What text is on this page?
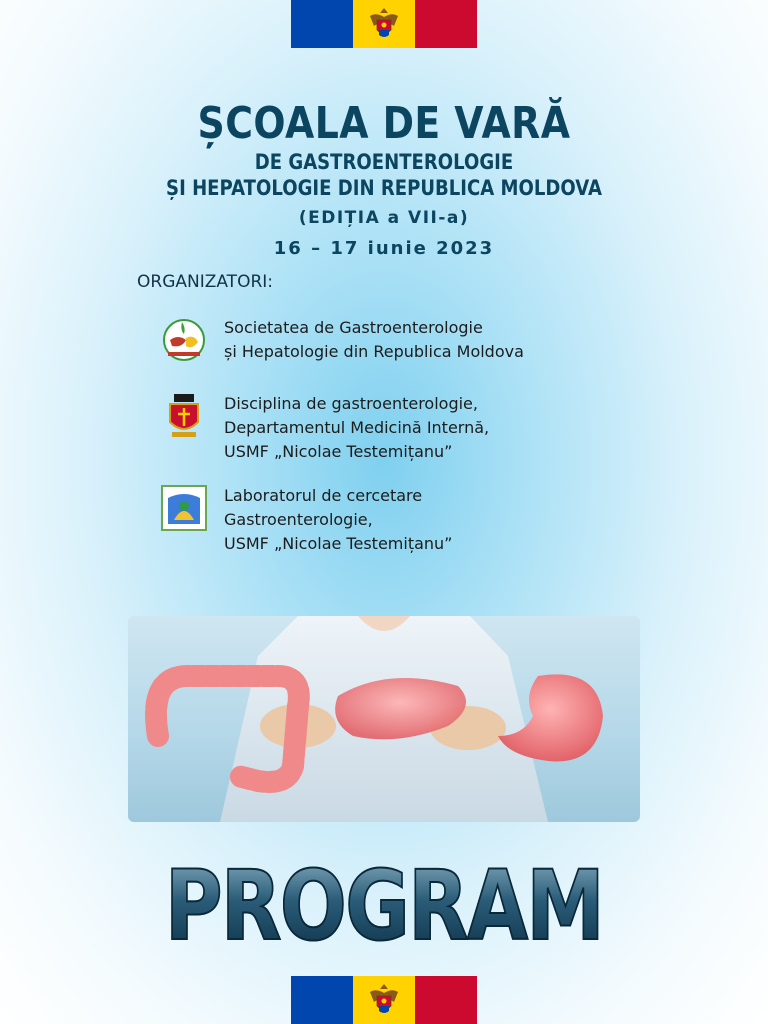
ȘCOALA DE VARĂ
DE GASTROENTEROLOGIE
ȘI HEPATOLOGIE DIN REPUBLICA MOLDOVA
(EDIȚIA a VII-a)
16 – 17 iunie 2023
ORGANIZATORI:
Societatea de Gastroenterologie
și Hepatologie din Republica Moldova
Disciplina de gastroenterologie,
Departamentul Medicină Internă,
USMF „Nicolae Testemițanu”
Laboratorul de cercetare
Gastroenterologie,
USMF „Nicolae Testemițanu”
PROGRAM
